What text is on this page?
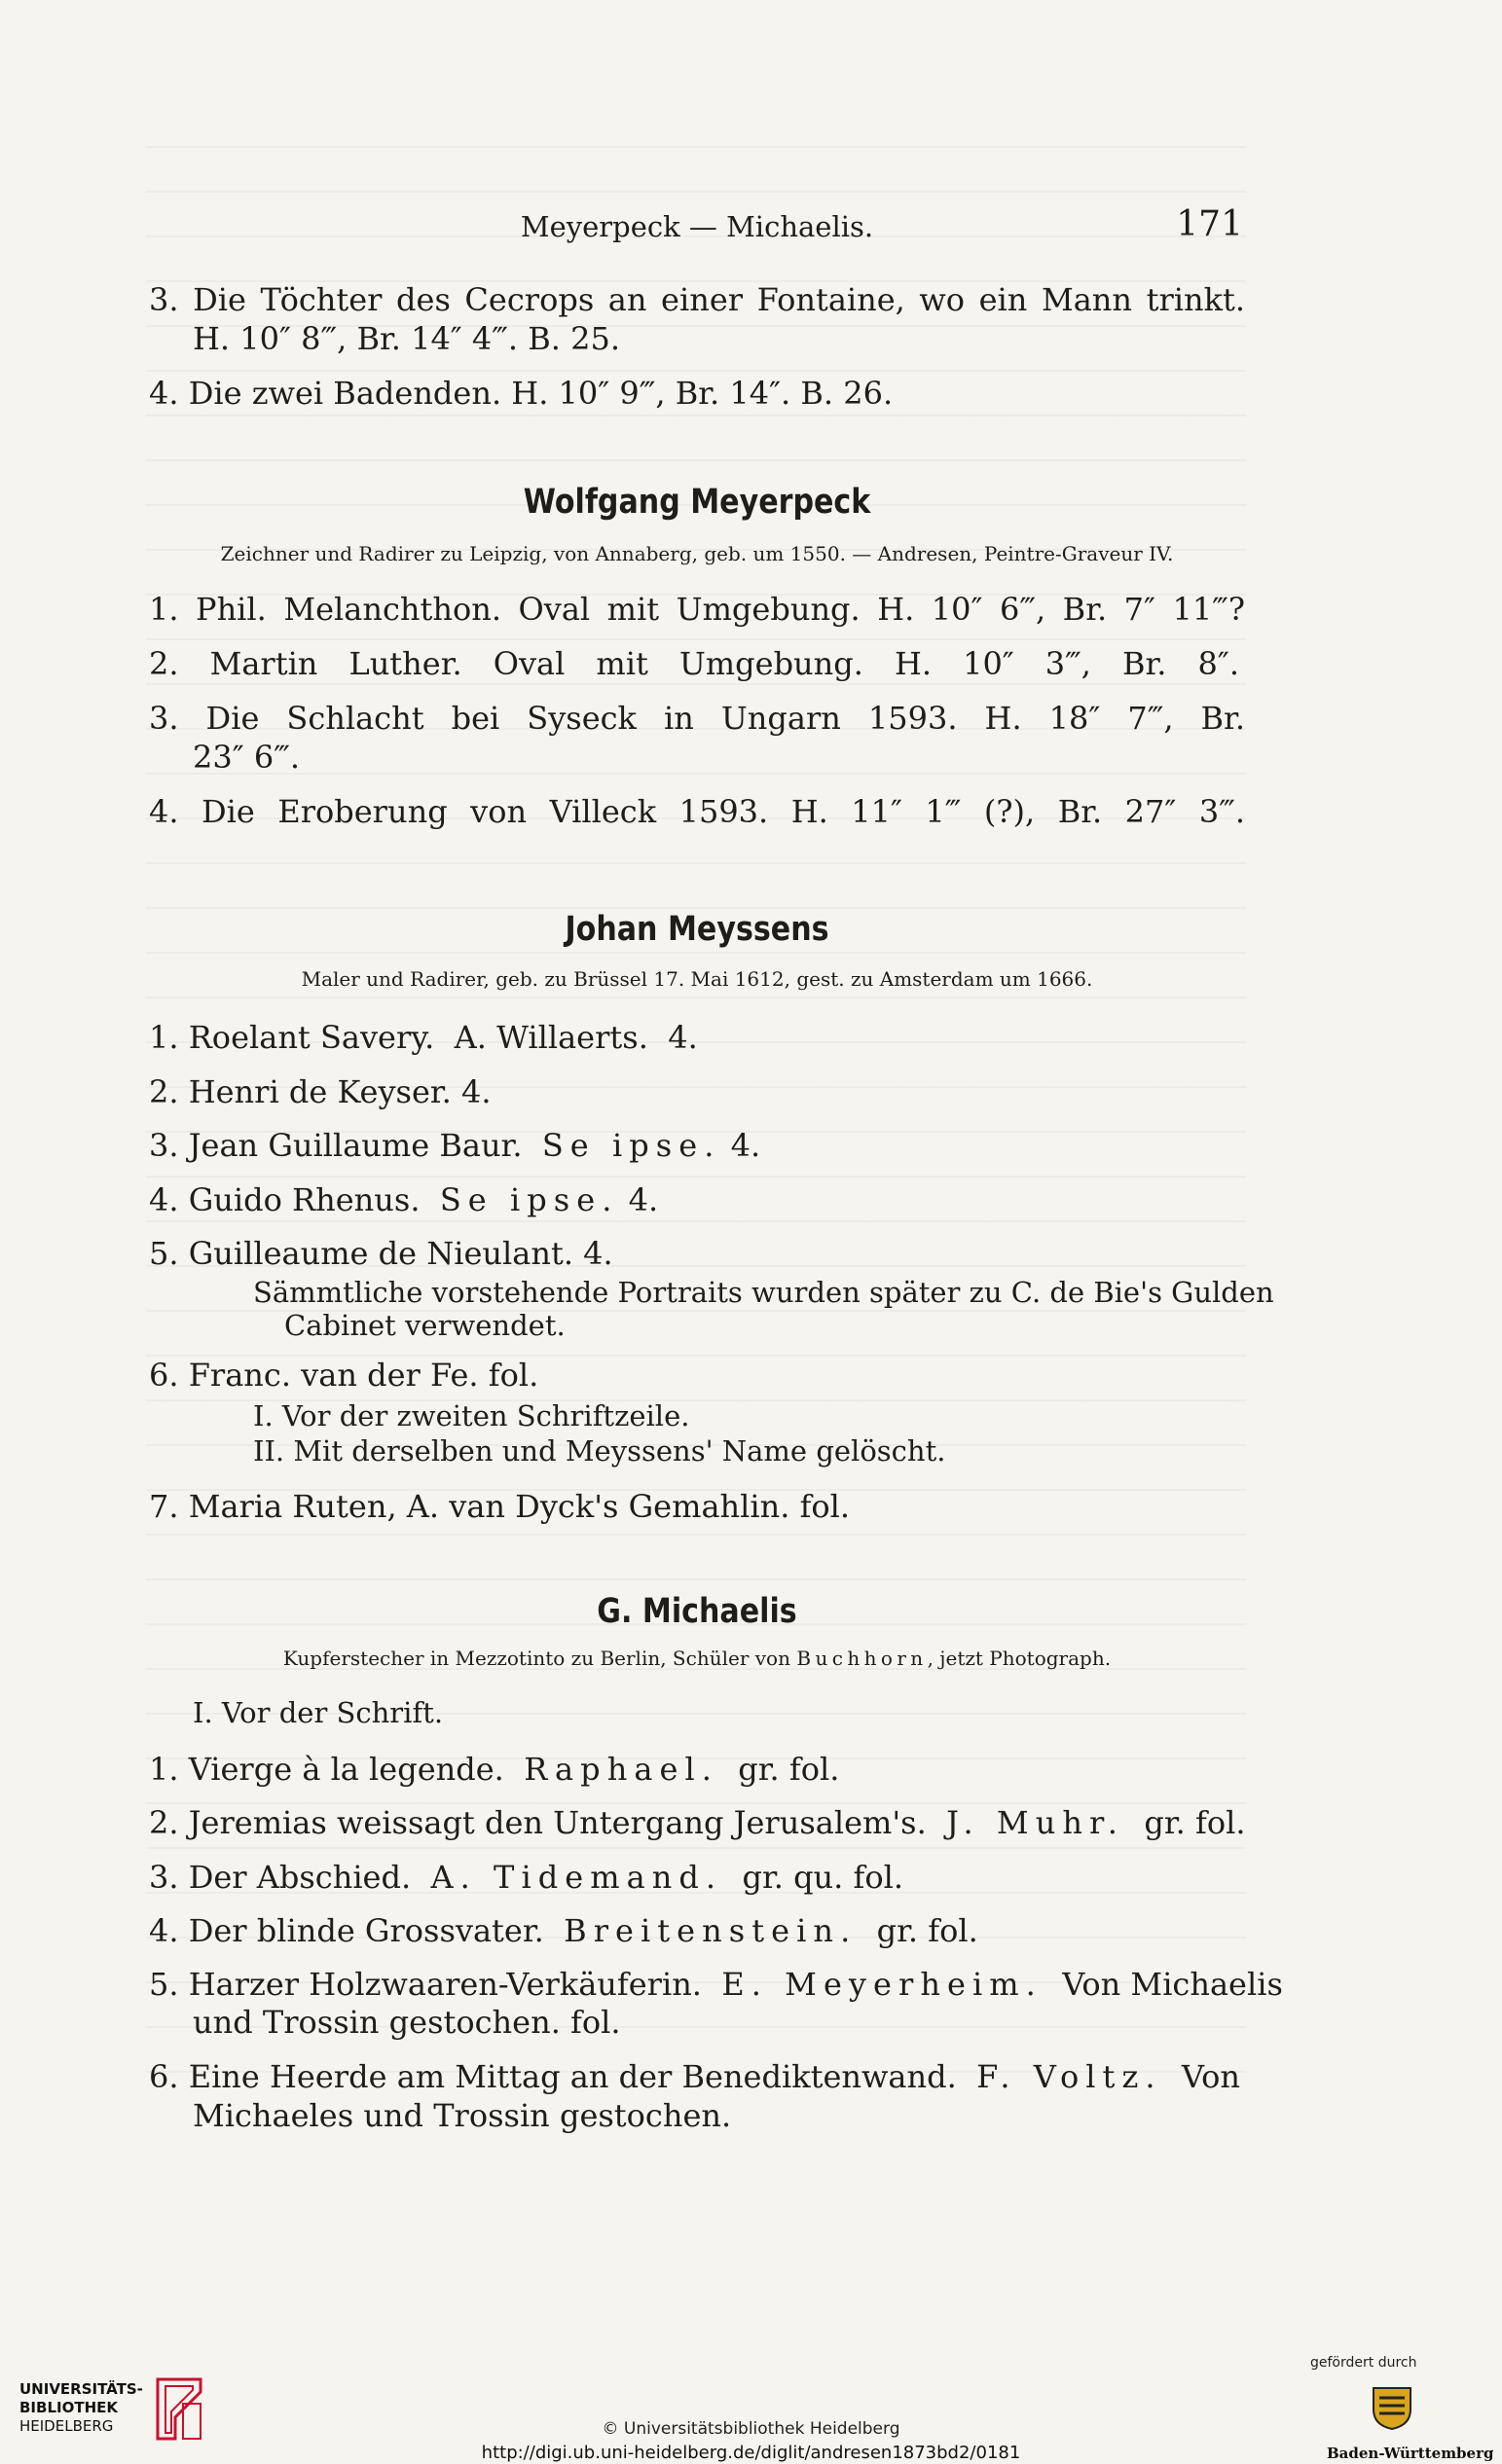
Meyerpeck — Michaelis.	171
3. Die Töchter des Cecrops an einer Fontaine, wo ein Mann trinkt.
H. 10″ 8‴, Br. 14″ 4‴. B. 25.
4. Die zwei Badenden. H. 10″ 9‴, Br. 14″. B. 26.
Wolfgang Meyerpeck
Zeichner und Radirer zu Leipzig, von Annaberg, geb. um 1550. — Andresen, Peintre-Graveur IV.
1. Phil. Melanchthon. Oval mit Umgebung. H. 10″ 6‴, Br. 7″ 11‴?
2. Martin Luther. Oval mit Umgebung. H. 10″ 3‴, Br. 8″.
3. Die Schlacht bei Syseck in Ungarn 1593. H. 18″ 7‴, Br.
23″ 6‴.
4. Die Eroberung von Villeck 1593. H. 11″ 1‴ (?), Br. 27″ 3‴.
Johan Meyssens
Maler und Radirer, geb. zu Brüssel 17. Mai 1612, gest. zu Amsterdam um 1666.
1. Roelant Savery. A. Willaerts. 4.
2. Henri de Keyser. 4.
3. Jean Guillaume Baur. Se ipse. 4.
4. Guido Rhenus. Se ipse. 4.
5. Guilleaume de Nieulant. 4.
Sämmtliche vorstehende Portraits wurden später zu C. de Bie's Gulden
Cabinet verwendet.
6. Franc. van der Fe. fol.
I. Vor der zweiten Schriftzeile.
II. Mit derselben und Meyssens' Name gelöscht.
7. Maria Ruten, A. van Dyck's Gemahlin. fol.
G. Michaelis
Kupferstecher in Mezzotinto zu Berlin, Schüler von Buchhorn, jetzt Photograph.
I. Vor der Schrift.
1. Vierge à la legende. Raphael. gr. fol.
2. Jeremias weissagt den Untergang Jerusalem's. J. Muhr. gr. fol.
3. Der Abschied. A. Tidemand. gr. qu. fol.
4. Der blinde Grossvater. Breitenstein. gr. fol.
5. Harzer Holzwaaren-Verkäuferin. E. Meyerheim. Von Michaelis
und Trossin gestochen. fol.
6. Eine Heerde am Mittag an der Benediktenwand. F. Voltz. Von
Michaeles und Trossin gestochen.
UNIVERSITÄTS-
BIBLIOTHEK
HEIDELBERG	© Universitätsbibliothek Heidelberg
http://digi.ub.uni-heidelberg.de/diglit/andresen1873bd2/0181
gefördert durch
Baden-Württemberg
